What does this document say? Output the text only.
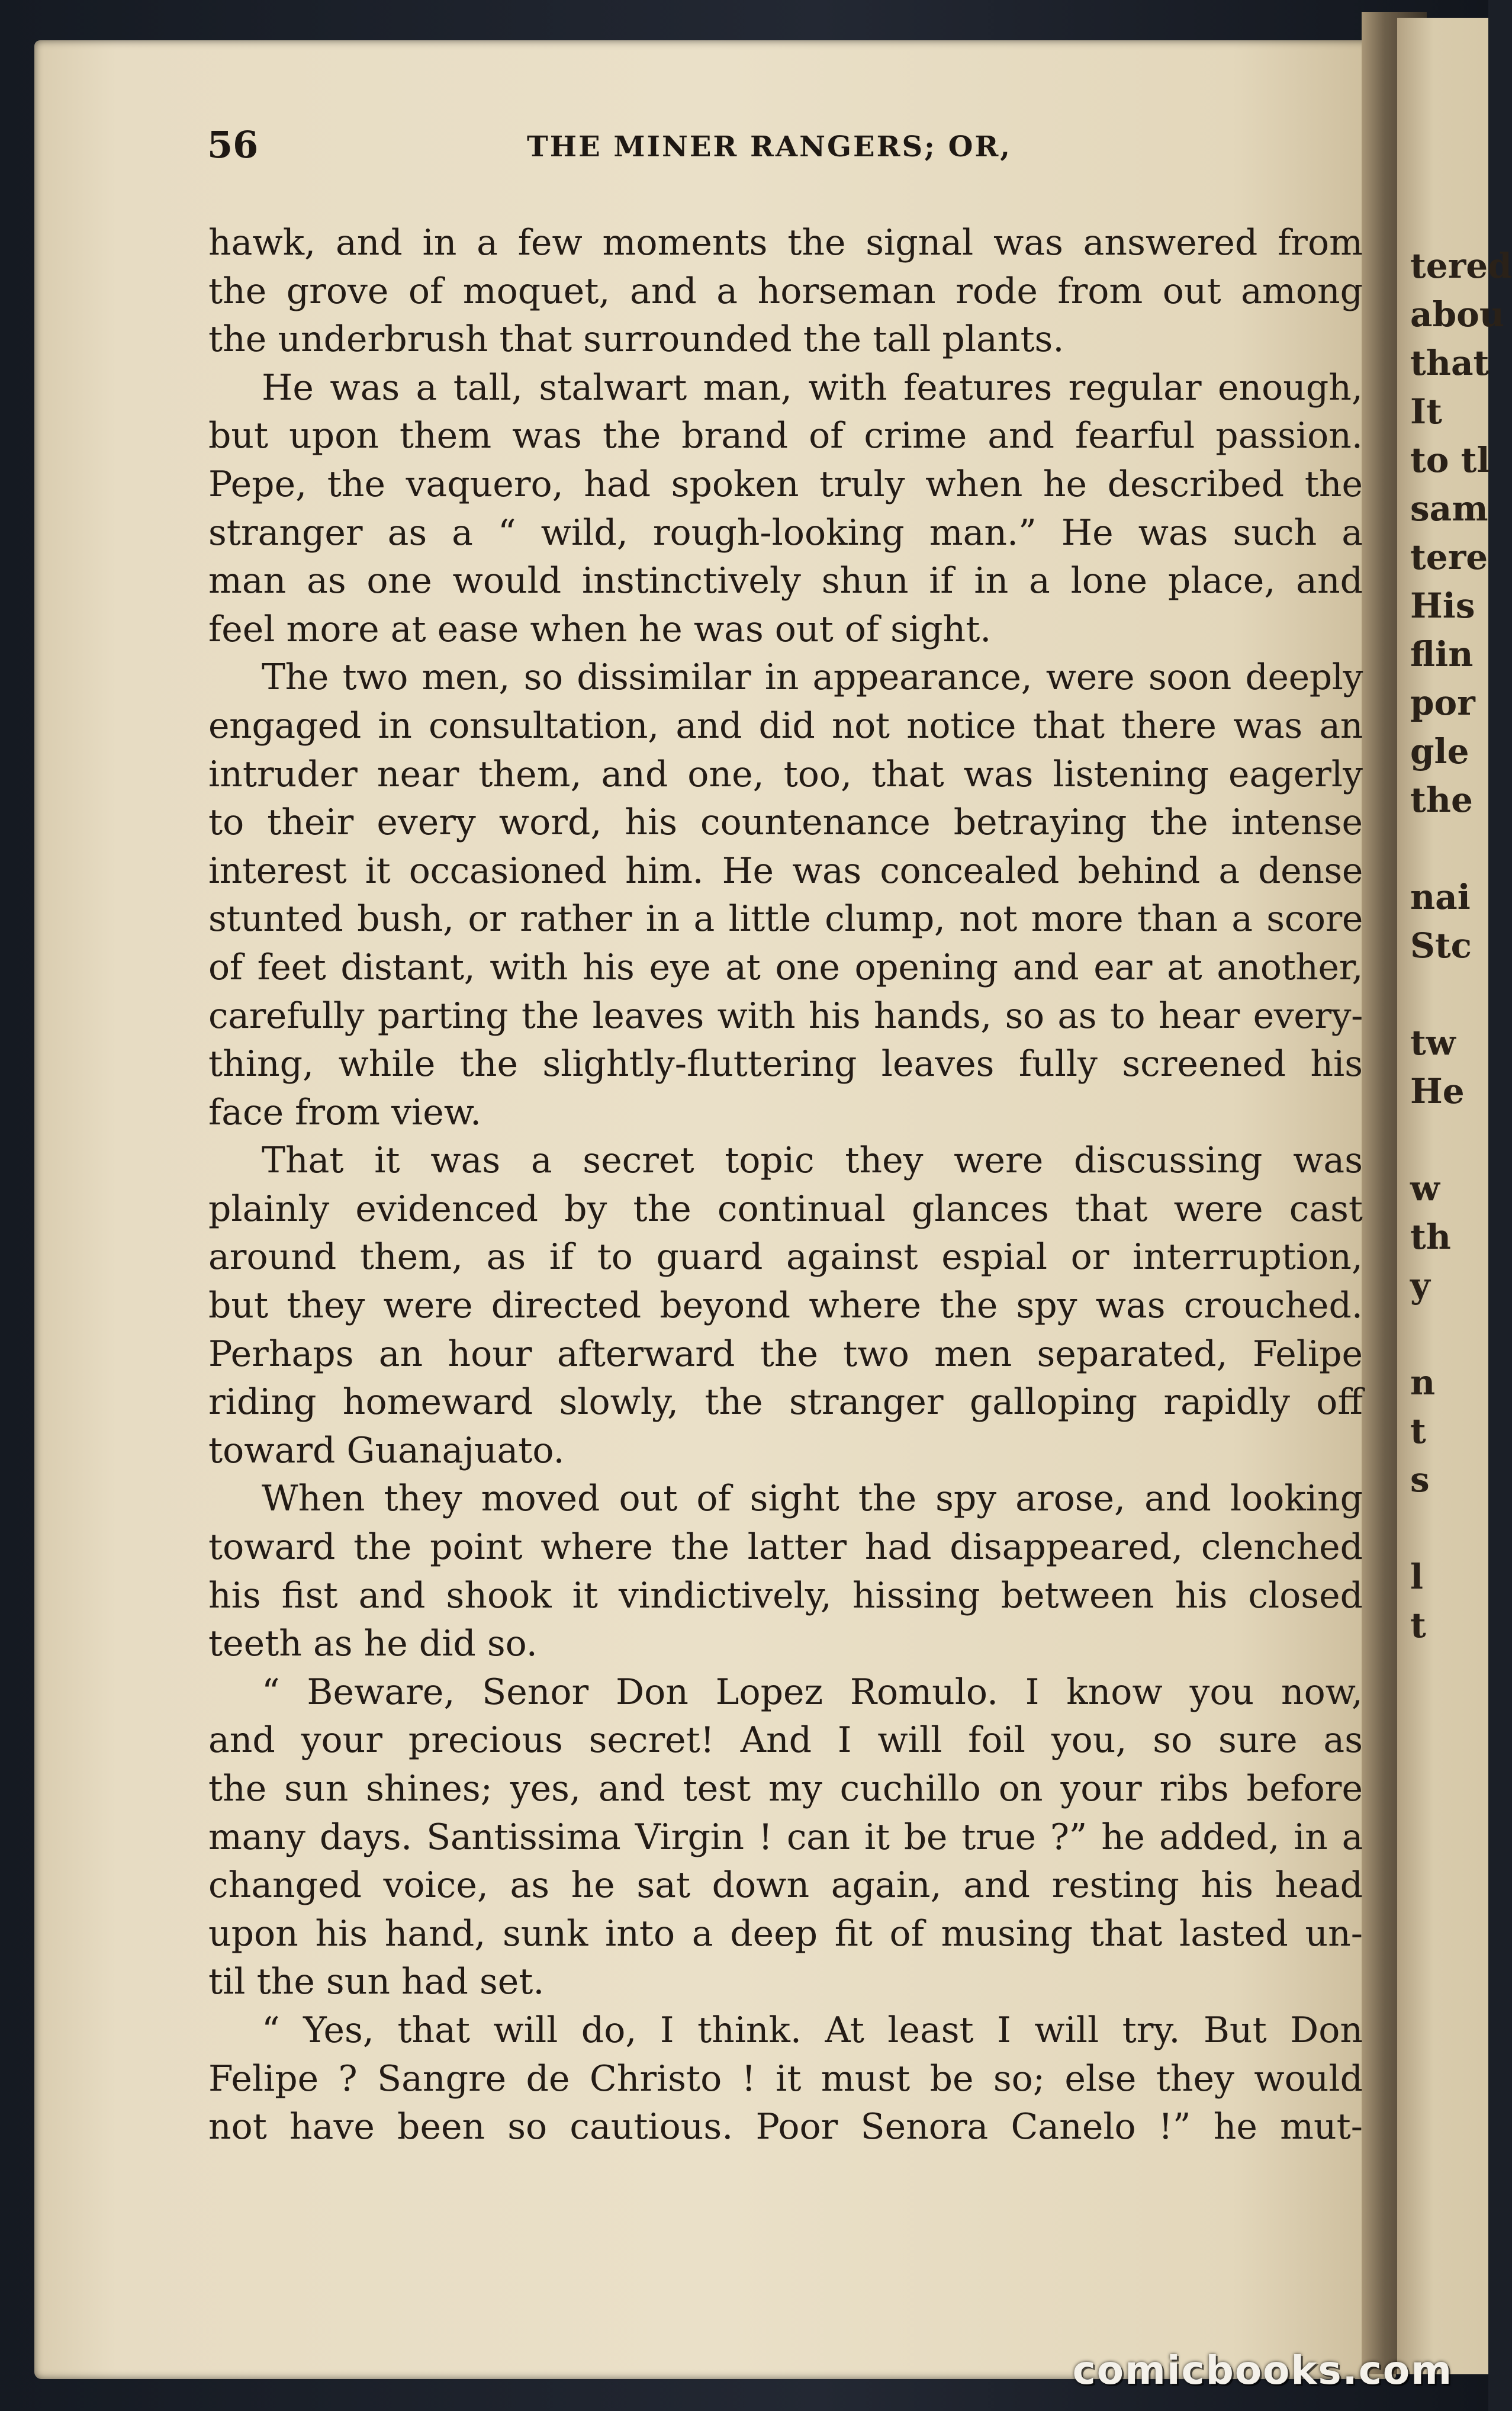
tered
abou
that
It
to tl
sam
tere
His
flin
por
gle
the
nai
Stc
tw
He
w
th
y
n
t
s
l
t
56	THE MINER RANGERS; OR,
hawk, and in a few moments the signal was answered from
the grove of moquet, and a horseman rode from out among
the underbrush that surrounded the tall plants.
He was a tall, stalwart man, with features regular enough,
but upon them was the brand of crime and fearful passion.
Pepe, the vaquero, had spoken truly when he described the
stranger as a “ wild, rough-looking man.” He was such a
man as one would instinctively shun if in a lone place, and
feel more at ease when he was out of sight.
The two men, so dissimilar in appearance, were soon deeply
engaged in consultation, and did not notice that there was an
intruder near them, and one, too, that was listening eagerly
to their every word, his countenance betraying the intense
interest it occasioned him. He was concealed behind a dense
stunted bush, or rather in a little clump, not more than a score
of feet distant, with his eye at one opening and ear at another,
carefully parting the leaves with his hands, so as to hear every-
thing, while the slightly-fluttering leaves fully screened his
face from view.
That it was a secret topic they were discussing was
plainly evidenced by the continual glances that were cast
around them, as if to guard against espial or interruption,
but they were directed beyond where the spy was crouched.
Perhaps an hour afterward the two men separated, Felipe
riding homeward slowly, the stranger galloping rapidly off
toward Guanajuato.
When they moved out of sight the spy arose, and looking
toward the point where the latter had disappeared, clenched
his fist and shook it vindictively, hissing between his closed
teeth as he did so.
“ Beware, Senor Don Lopez Romulo. I know you now,
and your precious secret! And I will foil you, so sure as
the sun shines; yes, and test my cuchillo on your ribs before
many days. Santissima Virgin ! can it be true ?” he added, in a
changed voice, as he sat down again, and resting his head
upon his hand, sunk into a deep fit of musing that lasted un-
til the sun had set.
“ Yes, that will do, I think. At least I will try. But Don
Felipe ? Sangre de Christo ! it must be so; else they would
not have been so cautious. Poor Senora Canelo !” he mut-
comicbooks.com
